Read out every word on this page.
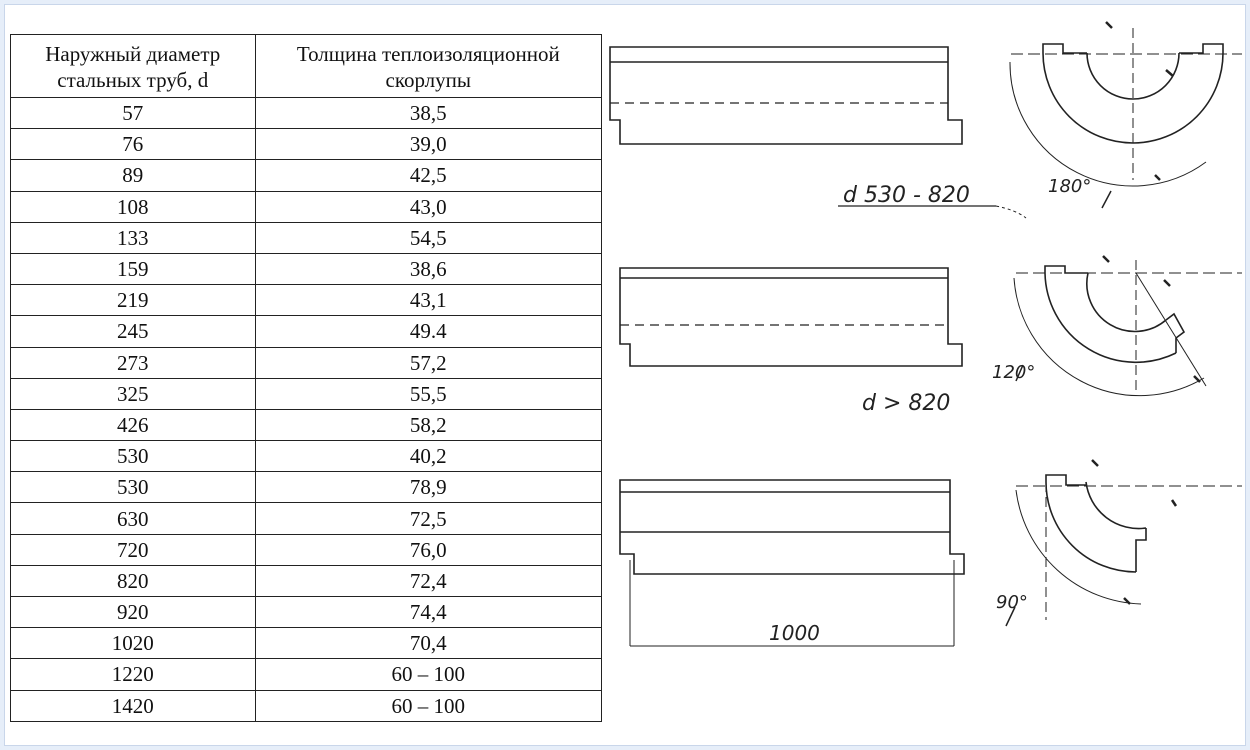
Наружный диаметр стальных труб, d	Толщина теплоизоляционной скорлупы
57	38,5
76	39,0
89	42,5
108	43,0
133	54,5
159	38,6
219	43,1
245	49.4
273	57,2
325	55,5
426	58,2
530	40,2
530	78,9
630	72,5
720	76,0
820	72,4
920	74,4
1020	70,4
1220	60 – 100
1420	60 – 100
180°
d 530 - 820
120°
d > 820
1000
90°
